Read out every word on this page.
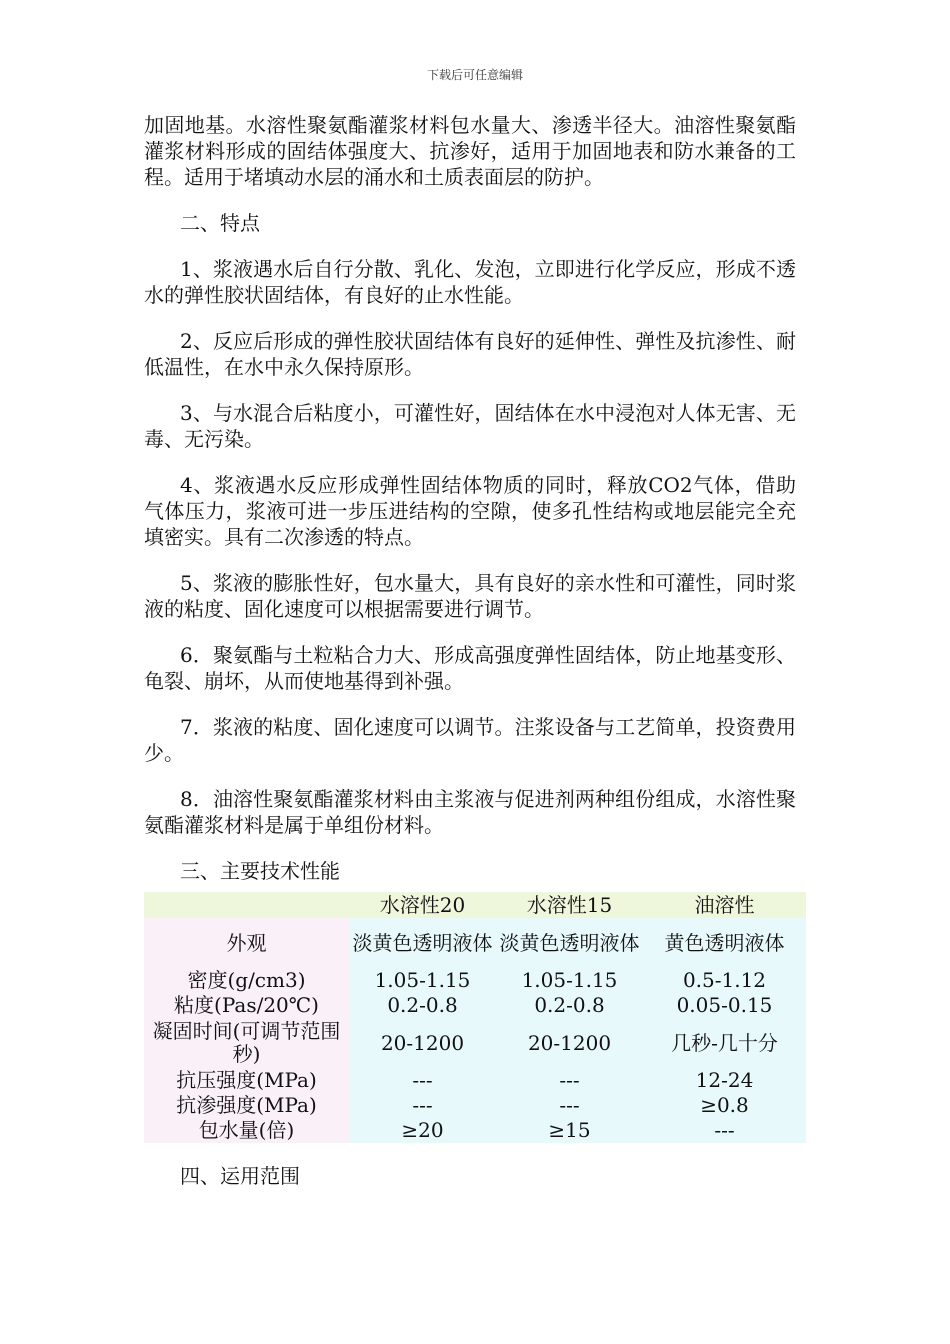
下载后可任意编辑

加固地基。水溶性聚氨酯灌浆材料包水量大、渗透半径大。油溶性聚氨酯灌浆材料形成的固结体强度大、抗渗好，适用于加固地表和防水兼备的工程。适用于堵填动水层的涌水和土质表面层的防护。

二、特点

1、浆液遇水后自行分散、乳化、发泡，立即进行化学反应，形成不透水的弹性胶状固结体，有良好的止水性能。

2、反应后形成的弹性胶状固结体有良好的延伸性、弹性及抗渗性、耐低温性，在水中永久保持原形。

3、与水混合后粘度小，可灌性好，固结体在水中浸泡对人体无害、无毒、无污染。

4、浆液遇水反应形成弹性固结体物质的同时，释放CO2气体，借助气体压力，浆液可进一步压进结构的空隙，使多孔性结构或地层能完全充填密实。具有二次渗透的特点。

5、浆液的膨胀性好，包水量大，具有良好的亲水性和可灌性，同时浆液的粘度、固化速度可以根据需要进行调节。

6．聚氨酯与土粒粘合力大、形成高强度弹性固结体，防止地基变形、龟裂、崩坏，从而使地基得到补强。

7．浆液的粘度、固化速度可以调节。注浆设备与工艺简单，投资费用少。

8．油溶性聚氨酯灌浆材料由主浆液与促进剂两种组份组成，水溶性聚氨酯灌浆材料是属于单组份材料。

三、主要技术性能

	水溶性20	水溶性15	油溶性
外观	淡黄色透明液体	淡黄色透明液体	黄色透明液体
密度(g/cm3)	1.05-1.15	1.05-1.15	0.5-1.12
粘度(Pas/20℃)	0.2-0.8	0.2-0.8	0.05-0.15
凝固时间(可调节范围秒)	20-1200	20-1200	几秒-几十分
抗压强度(MPa)	---	---	12-24
抗渗强度(MPa)	---	---	≥0.8
包水量(倍)	≥20	≥15	---

四、运用范围
